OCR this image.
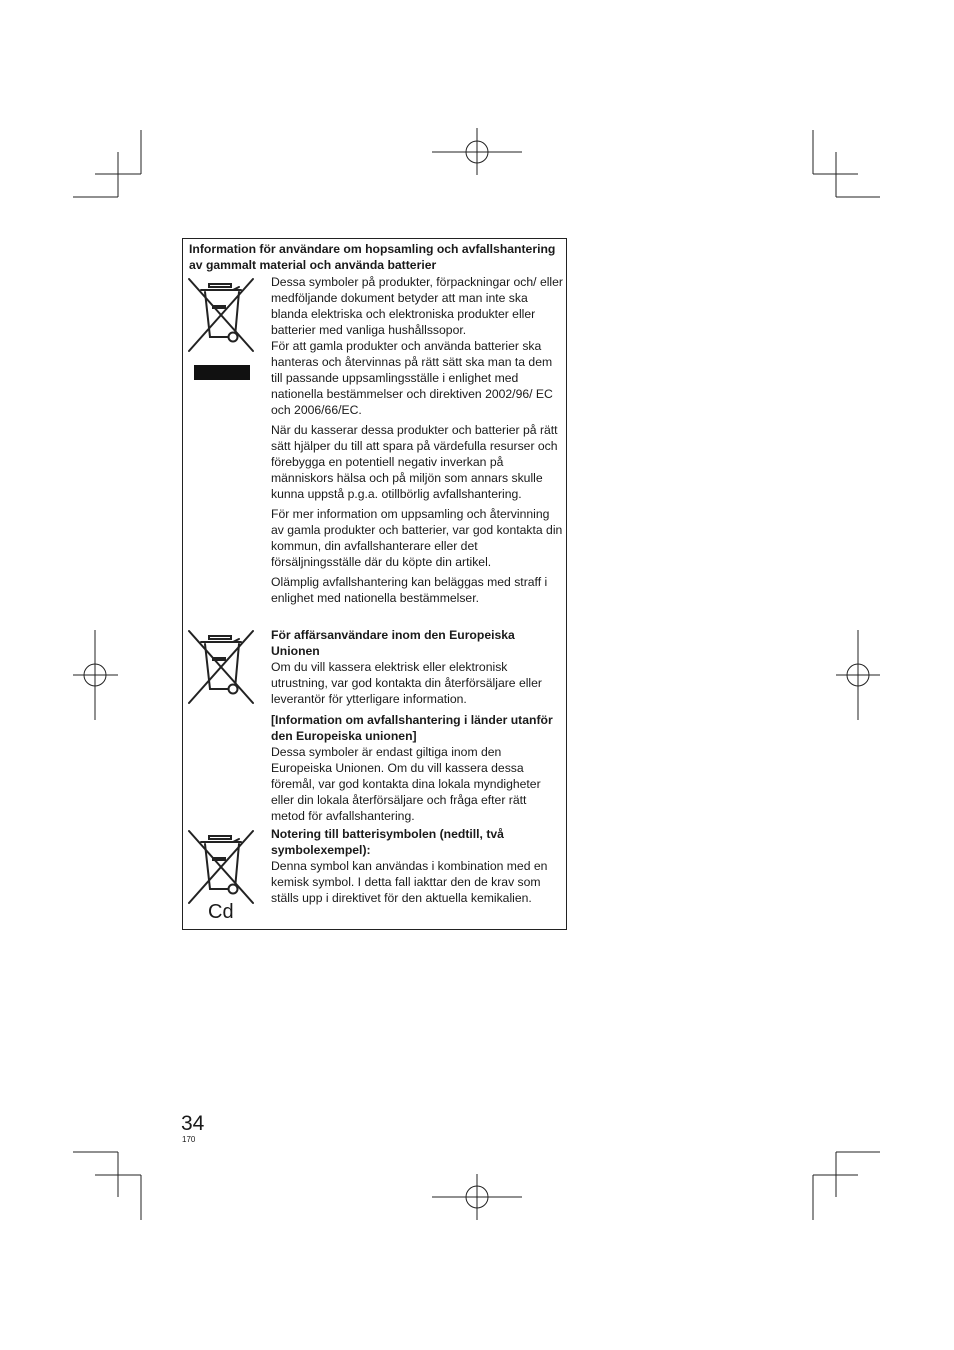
Information för användare om hopsamling och avfallshantering av gammalt material och använda batterier

Dessa symboler på produkter, förpackningar och/ eller medföljande dokument betyder att man inte ska blanda elektriska och elektroniska produkter eller batterier med vanliga hushållssopor.

För att gamla produkter och använda batterier ska hanteras och återvinnas på rätt sätt ska man ta dem till passande uppsamlingsställe i enlighet med nationella bestämmelser och direktiven 2002/96/ EC och 2006/66/EC.

När du kasserar dessa produkter och batterier på rätt sätt hjälper du till att spara på värdefulla resurser och förebygga en potentiell negativ inverkan på människors hälsa och på miljön som annars skulle kunna uppstå p.g.a. otillbörlig avfallshantering.

För mer information om uppsamling och återvinning av gamla produkter och batterier, var god kontakta din kommun, din avfallshanterare eller det försäljningsställe där du köpte din artikel.

Olämplig avfallshantering kan beläggas med straff i enlighet med nationella bestämmelser.

För affärsanvändare inom den Europeiska Unionen

Om du vill kassera elektrisk eller elektronisk utrustning, var god kontakta din återförsäljare eller leverantör för ytterligare information.

[Information om avfallshantering i länder utanför den Europeiska unionen]

Dessa symboler är endast giltiga inom den Europeiska Unionen. Om du vill kassera dessa föremål, var god kontakta dina lokala myndigheter eller din lokala återförsäljare och fråga efter rätt metod för avfallshantering.

Cd

Notering till batterisymbolen (nedtill, två symbolexempel):

Denna symbol kan användas i kombination med en kemisk symbol. I detta fall iakttar den de krav som ställs upp i direktivet för den aktuella kemikalien.

34
170
